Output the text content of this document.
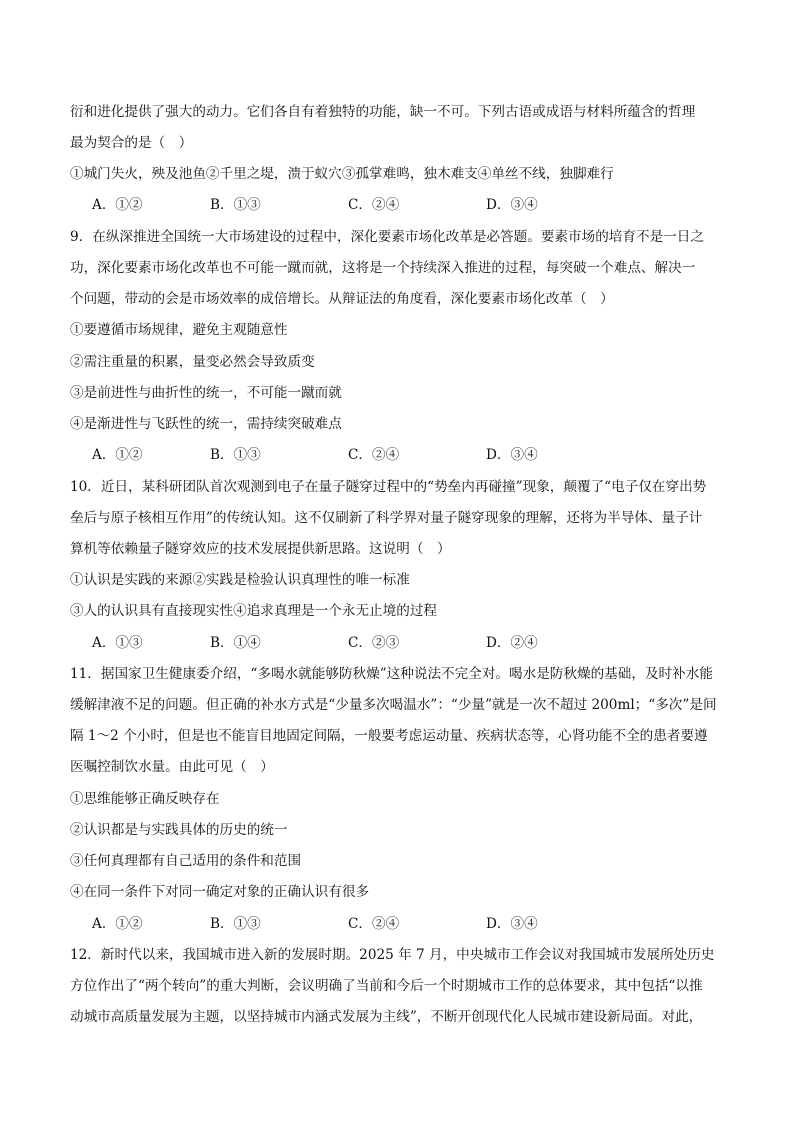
衍和进化提供了强大的动力。它们各自有着独特的功能，缺一不可。下列古语或成语与材料所蕴含的哲理
最为契合的是（　）
①城门失火，殃及池鱼②千里之堤，溃于蚁穴③孤掌难鸣，独木难支④单丝不线，独脚难行
A．①②	B．①③	C．②④	D．③④
9．在纵深推进全国统一大市场建设的过程中，深化要素市场化改革是必答题。要素市场的培育不是一日之
功，深化要素市场化改革也不可能一蹴而就，这将是一个持续深入推进的过程，每突破一个难点、解决一
个问题，带动的会是市场效率的成倍增长。从辩证法的角度看，深化要素市场化改革（　）
①要遵循市场规律，避免主观随意性
②需注重量的积累，量变必然会导致质变
③是前进性与曲折性的统一，不可能一蹴而就
④是渐进性与飞跃性的统一，需持续突破难点
A．①②	B．①③	C．②④	D．③④
10．近日，某科研团队首次观测到电子在量子隧穿过程中的“势垒内再碰撞”现象，颠覆了“电子仅在穿出势
垒后与原子核相互作用”的传统认知。这不仅刷新了科学界对量子隧穿现象的理解，还将为半导体、量子计
算机等依赖量子隧穿效应的技术发展提供新思路。这说明（　）
①认识是实践的来源②实践是检验认识真理性的唯一标准
③人的认识具有直接现实性④追求真理是一个永无止境的过程
A．①③	B．①④	C．②③	D．②④
11．据国家卫生健康委介绍，“多喝水就能够防秋燥”这种说法不完全对。喝水是防秋燥的基础，及时补水能
缓解津液不足的问题。但正确的补水方式是“少量多次喝温水”：“少量”就是一次不超过 200ml；“多次”是间
隔 1～2 个小时，但是也不能盲目地固定间隔，一般要考虑运动量、疾病状态等，心肾功能不全的患者要遵
医嘱控制饮水量。由此可见（　）
①思维能够正确反映存在
②认识都是与实践具体的历史的统一
③任何真理都有自己适用的条件和范围
④在同一条件下对同一确定对象的正确认识有很多
A．①②	B．①③	C．②④	D．③④
12．新时代以来，我国城市进入新的发展时期。2025 年 7 月，中央城市工作会议对我国城市发展所处历史
方位作出了“两个转向”的重大判断，会议明确了当前和今后一个时期城市工作的总体要求，其中包括“以推
动城市高质量发展为主题，以坚持城市内涵式发展为主线”，不断开创现代化人民城市建设新局面。对此，
